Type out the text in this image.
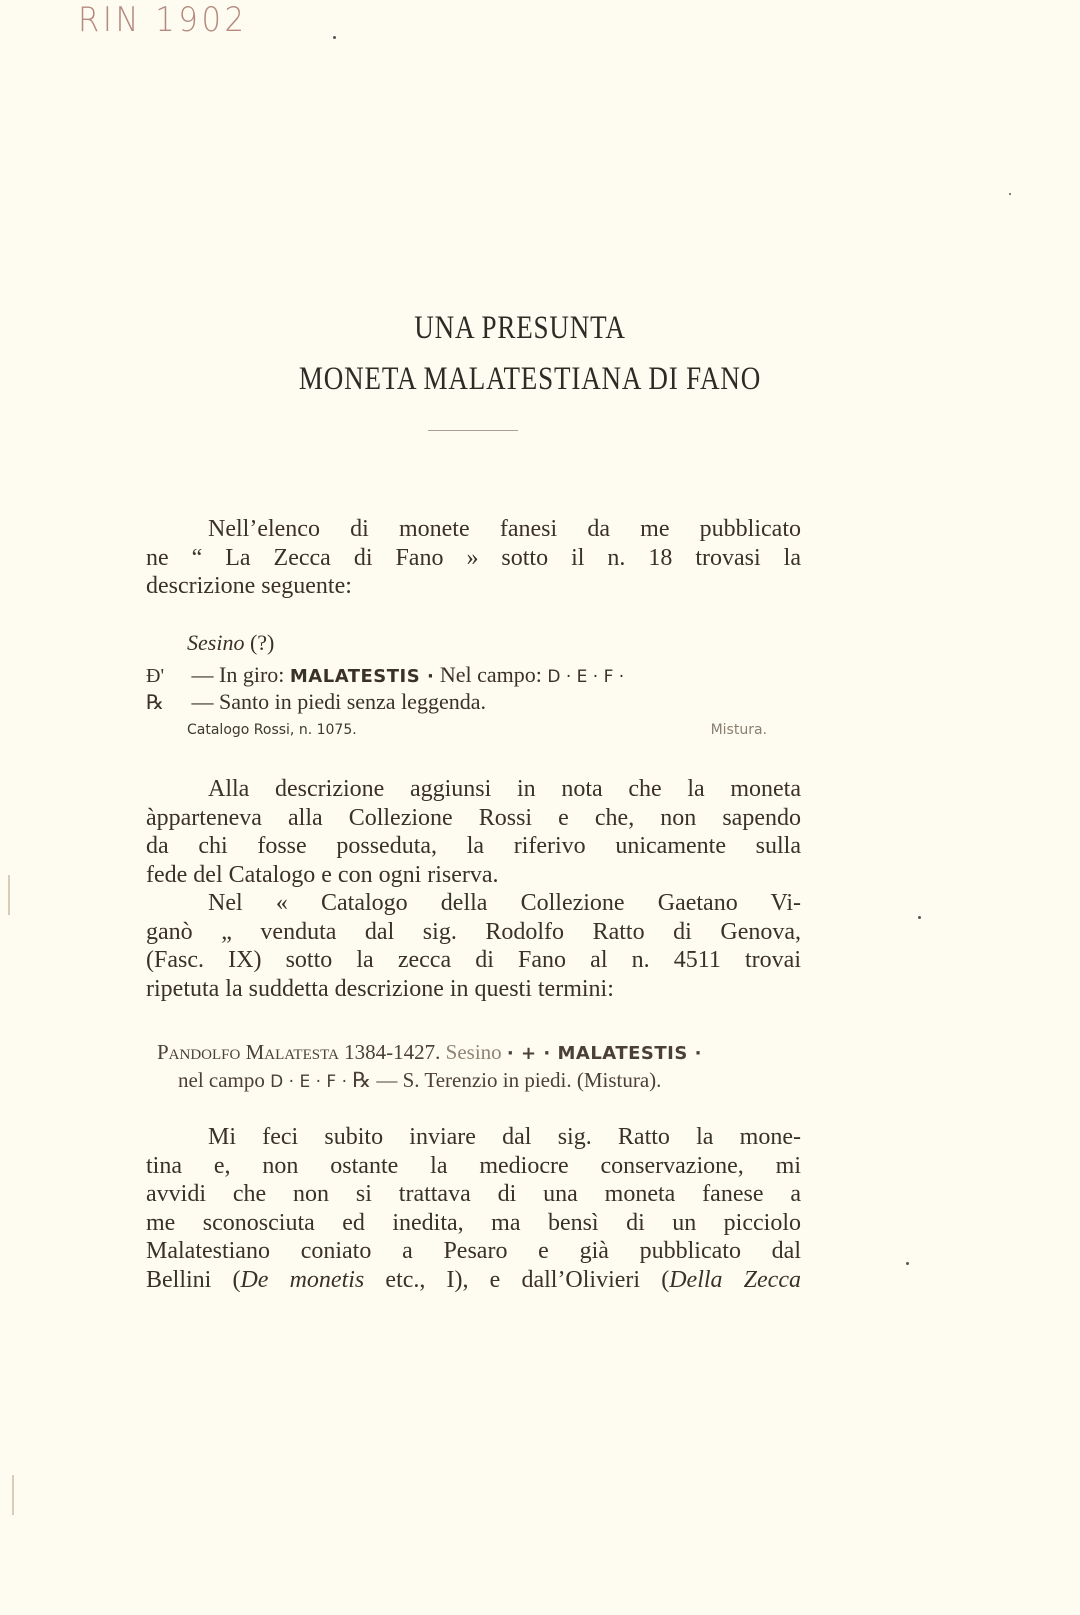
RIN 1902
UNA PRESUNTA
MONETA MALATESTIANA DI FANO
Nell’elenco di monete fanesi da me pubblicato
ne “ La Zecca di Fano » sotto il n. 18 trovasi la
descrizione seguente:
Sesino (?)
Ɖ' — In giro: MALATESTIS · Nel campo: D · E · F ·
℞ — Santo in piedi senza leggenda.
Catalogo Rossi, n. 1075.	Mistura.
Alla descrizione aggiunsi in nota che la moneta
àpparteneva alla Collezione Rossi e che, non sapendo
da chi fosse posseduta, la riferivo unicamente sulla
fede del Catalogo e con ogni riserva.
Nel « Catalogo della Collezione Gaetano Vi-
ganò „ venduta dal sig. Rodolfo Ratto di Genova,
(Fasc. IX) sotto la zecca di Fano al n. 4511 trovai
ripetuta la suddetta descrizione in questi termini:
Pandolfo Malatesta 1384-1427. Sesino · + · MALATESTIS ·
nel campo D · E · F · ℞ — S. Terenzio in piedi. (Mistura).
Mi feci subito inviare dal sig. Ratto la mone-
tina e, non ostante la mediocre conservazione, mi
avvidi che non si trattava di una moneta fanese a
me sconosciuta ed inedita, ma bensì di un picciolo
Malatestiano coniato a Pesaro e già pubblicato dal
Bellini (De monetis etc., I), e dall’Olivieri (Della Zecca
